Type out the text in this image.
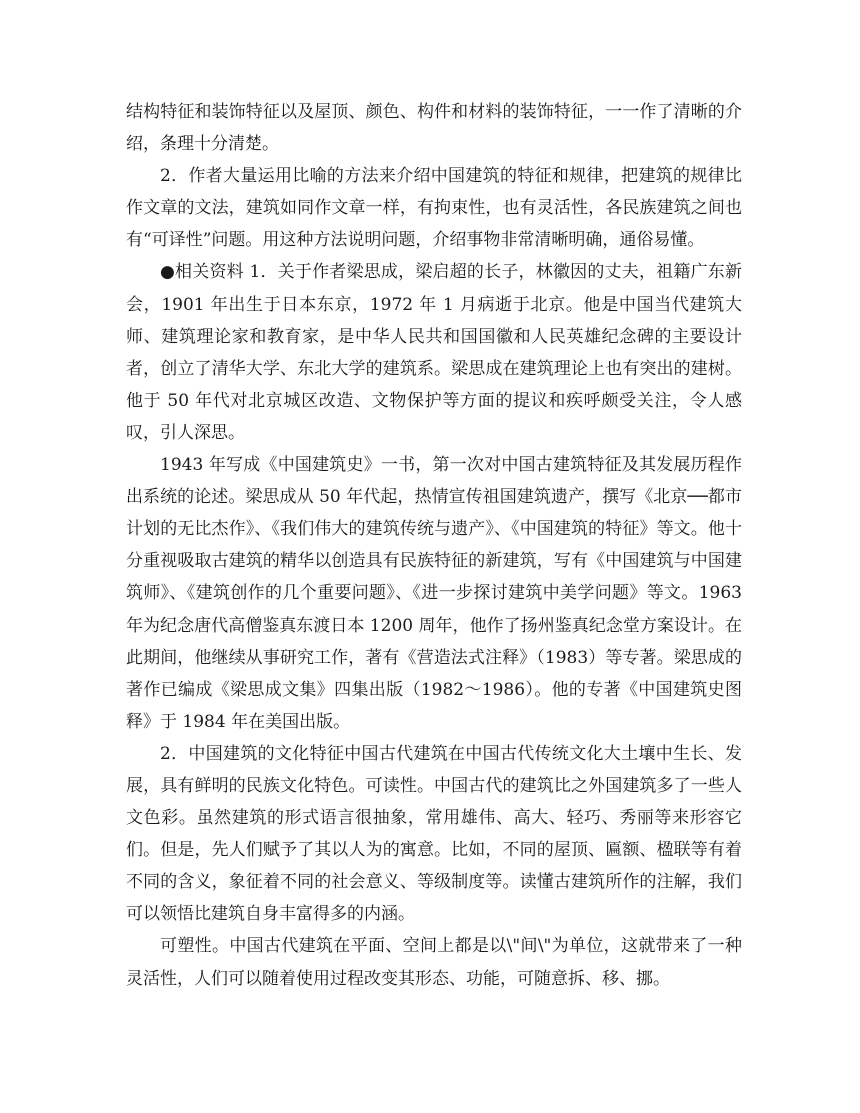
结构特征和装饰特征以及屋顶、颜色、构件和材料的装饰特征，一一作了清晰的介绍，条理十分清楚。

2．作者大量运用比喻的方法来介绍中国建筑的特征和规律，把建筑的规律比作文章的文法，建筑如同作文章一样，有拘束性，也有灵活性，各民族建筑之间也有“可译性”问题。用这种方法说明问题，介绍事物非常清晰明确，通俗易懂。

●相关资料 1．关于作者梁思成，梁启超的长子，林徽因的丈夫，祖籍广东新会，1901 年出生于日本东京，1972 年 1 月病逝于北京。他是中国当代建筑大师、建筑理论家和教育家，是中华人民共和国国徽和人民英雄纪念碑的主要设计者，创立了清华大学、东北大学的建筑系。梁思成在建筑理论上也有突出的建树。他于 50 年代对北京城区改造、文物保护等方面的提议和疾呼颇受关注，令人感叹，引人深思。

1943 年写成《中国建筑史》一书，第一次对中国古建筑特征及其发展历程作出系统的论述。梁思成从 50 年代起，热情宣传祖国建筑遗产，撰写《北京──都市计划的无比杰作》、《我们伟大的建筑传统与遗产》、《中国建筑的特征》等文。他十分重视吸取古建筑的精华以创造具有民族特征的新建筑，写有《中国建筑与中国建筑师》、《建筑创作的几个重要问题》、《进一步探讨建筑中美学问题》等文。1963 年为纪念唐代高僧鉴真东渡日本 1200 周年，他作了扬州鉴真纪念堂方案设计。在此期间，他继续从事研究工作，著有《营造法式注释》（1983）等专著。梁思成的著作已编成《梁思成文集》四集出版（1982～1986）。他的专著《中国建筑史图释》于 1984 年在美国出版。

2．中国建筑的文化特征中国古代建筑在中国古代传统文化大土壤中生长、发展，具有鲜明的民族文化特色。可读性。中国古代的建筑比之外国建筑多了一些人文色彩。虽然建筑的形式语言很抽象，常用雄伟、高大、轻巧、秀丽等来形容它们。但是，先人们赋予了其以人为的寓意。比如，不同的屋顶、匾额、楹联等有着不同的含义，象征着不同的社会意义、等级制度等。读懂古建筑所作的注解，我们可以领悟比建筑自身丰富得多的内涵。

可塑性。中国古代建筑在平面、空间上都是以\"间\"为单位，这就带来了一种灵活性，人们可以随着使用过程改变其形态、功能，可随意拆、移、挪。
